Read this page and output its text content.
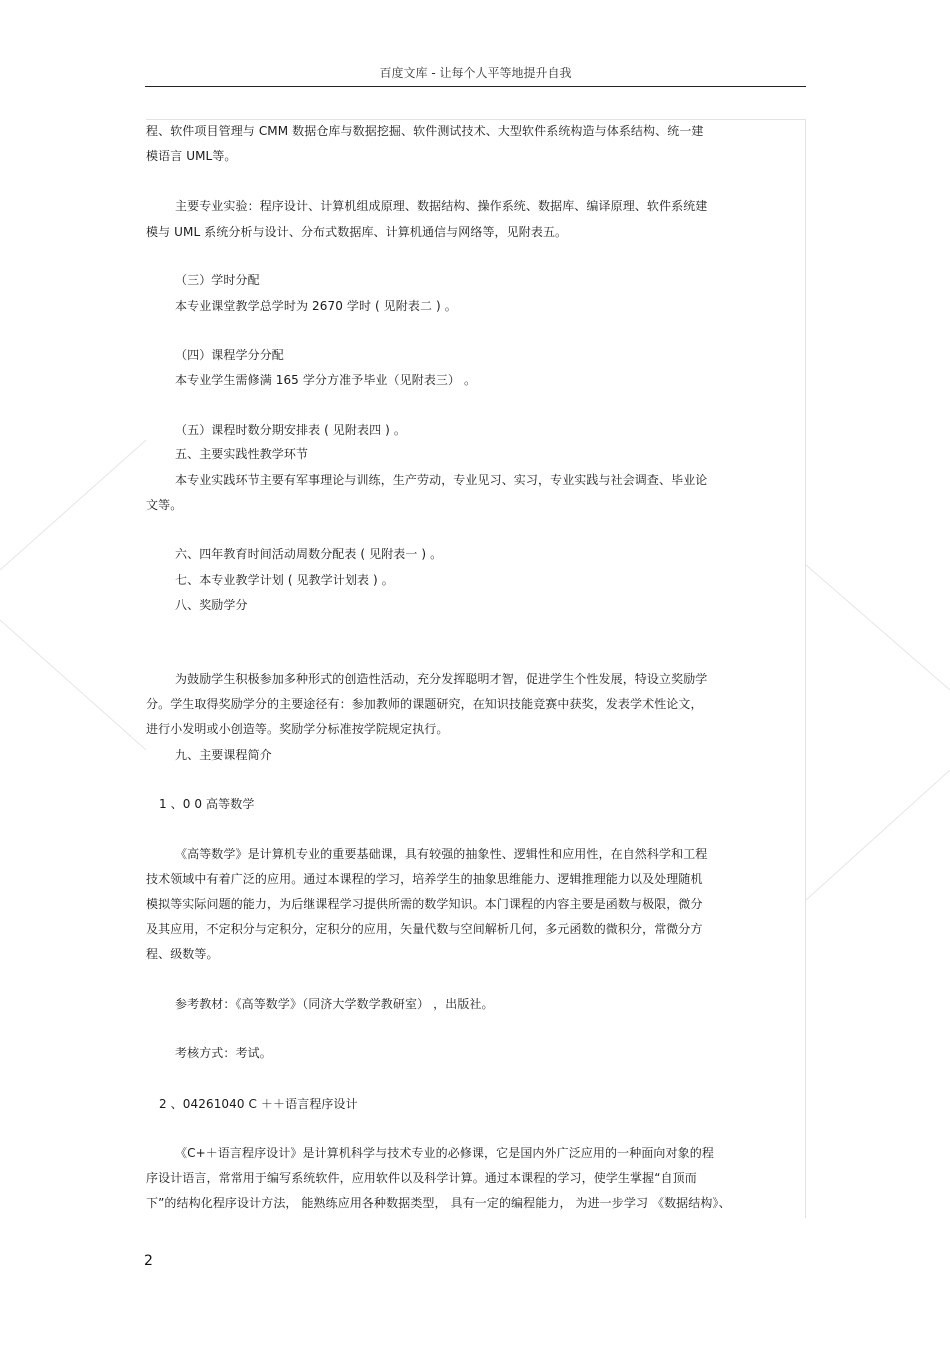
百度文库 - 让每个人平等地提升自我
程、软件项目管理与 CMM 数据仓库与数据挖掘、软件测试技术、大型软件系统构造与体系结构、统一建
模语言 UML等。
主要专业实验：程序设计、计算机组成原理、数据结构、操作系统、数据库、编译原理、软件系统建
模与 UML 系统分析与设计、分布式数据库、计算机通信与网络等，见附表五。
（三）学时分配
本专业课堂教学总学时为 2670 学时 ( 见附表二 ) 。
（四）课程学分分配
本专业学生需修满 165 学分方准予毕业（见附表三） 。
（五）课程时数分期安排表 ( 见附表四 ) 。
五、主要实践性教学环节
本专业实践环节主要有军事理论与训练，生产劳动，专业见习、实习，专业实践与社会调查、毕业论
文等。
六、四年教育时间活动周数分配表 ( 见附表一 ) 。
七、本专业教学计划 ( 见教学计划表 ) 。
八、奖励学分
为鼓励学生积极参加多种形式的创造性活动，充分发挥聪明才智，促进学生个性发展，特设立奖励学
分。学生取得奖励学分的主要途径有：参加教师的课题研究，在知识技能竞赛中获奖，发表学术性论文，
进行小发明或小创造等。奖励学分标准按学院规定执行。
九、主要课程简介
1 、0 0 高等数学
《高等数学》是计算机专业的重要基础课，具有较强的抽象性、逻辑性和应用性，在自然科学和工程
技术领域中有着广泛的应用。通过本课程的学习，培养学生的抽象思维能力、逻辑推理能力以及处理随机
模拟等实际问题的能力，为后继课程学习提供所需的数学知识。本门课程的内容主要是函数与极限，微分
及其应用，不定积分与定积分，定积分的应用，矢量代数与空间解析几何，多元函数的微积分，常微分方
程、级数等。
参考教材：《高等数学》（同济大学数学教研室） ，出版社。
考核方式：考试。
2 、04261040 C ＋＋语言程序设计
《C+＋语言程序设计》是计算机科学与技术专业的必修课，它是国内外广泛应用的一种面向对象的程
序设计语言，常常用于编写系统软件，应用软件以及科学计算。通过本课程的学习，使学生掌握“自顶而
下”的结构化程序设计方法， 能熟练应用各种数据类型， 具有一定的编程能力， 为进一步学习 《数据结构》、
2
